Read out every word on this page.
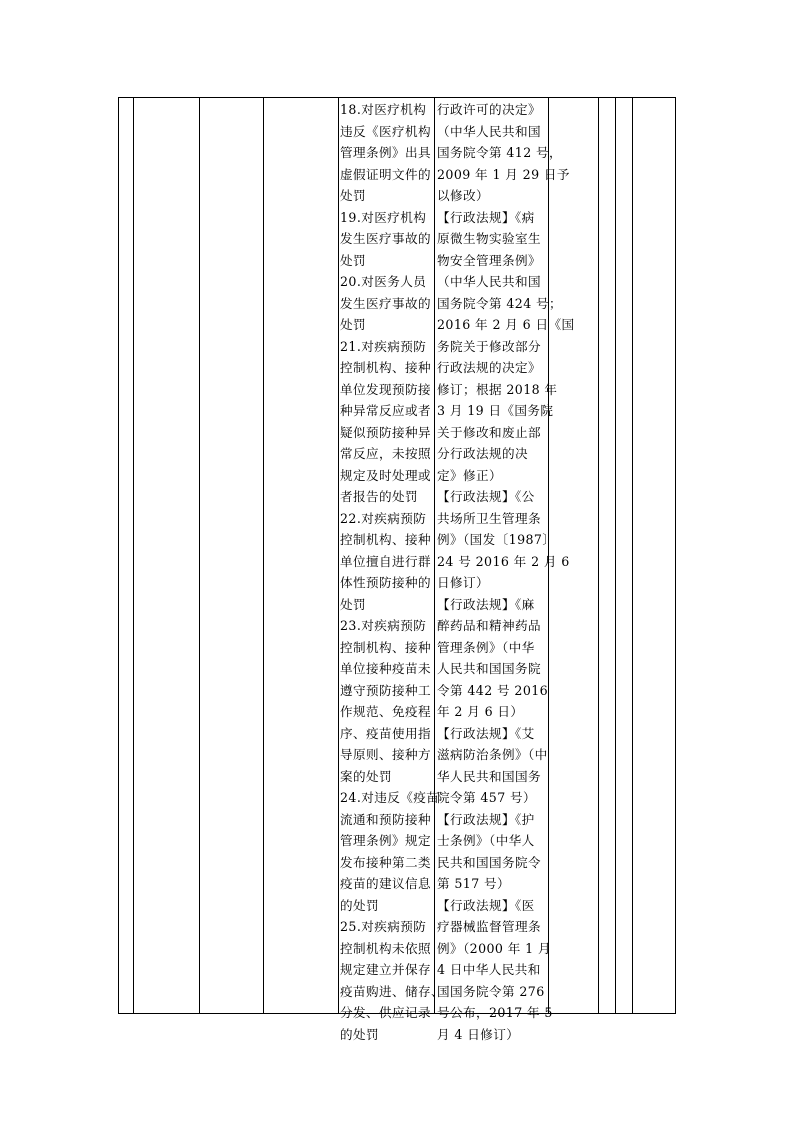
18.对医疗机构
违反《医疗机构
管理条例》出具
虚假证明文件的
处罚
19.对医疗机构
发生医疗事故的
处罚
20.对医务人员
发生医疗事故的
处罚
21.对疾病预防
控制机构、接种
单位发现预防接
种异常反应或者
疑似预防接种异
常反应，未按照
规定及时处理或
者报告的处罚
22.对疾病预防
控制机构、接种
单位擅自进行群
体性预防接种的
处罚
23.对疾病预防
控制机构、接种
单位接种疫苗未
遵守预防接种工
作规范、免疫程
序、疫苗使用指
导原则、接种方
案的处罚
24.对违反《疫苗
流通和预防接种
管理条例》规定
发布接种第二类
疫苗的建议信息
的处罚
25.对疾病预防
控制机构未依照
规定建立并保存
疫苗购进、储存、
分发、供应记录
的处罚
行政许可的决定》
（中华人民共和国
国务院令第 412 号，
2009 年 1 月 29 日予
以修改）
【行政法规】《病
原微生物实验室生
物安全管理条例》
（中华人民共和国
国务院令第 424 号；
2016 年 2 月 6 日《国
务院关于修改部分
行政法规的决定》
修订；根据 2018 年
3 月 19 日《国务院
关于修改和废止部
分行政法规的决
定》修正）
【行政法规】《公
共场所卫生管理条
例》（国发〔1987〕
24 号 2016 年 2 月 6
日修订）
【行政法规】《麻
醉药品和精神药品
管理条例》（中华
人民共和国国务院
令第 442 号 2016
年 2 月 6 日）
【行政法规】《艾
滋病防治条例》（中
华人民共和国国务
院令第 457 号）
【行政法规】《护
士条例》（中华人
民共和国国务院令
第 517 号）
【行政法规】《医
疗器械监督管理条
例》（2000 年 1 月
4 日中华人民共和
国国务院令第 276
号公布，2017 年 5
月 4 日修订）
